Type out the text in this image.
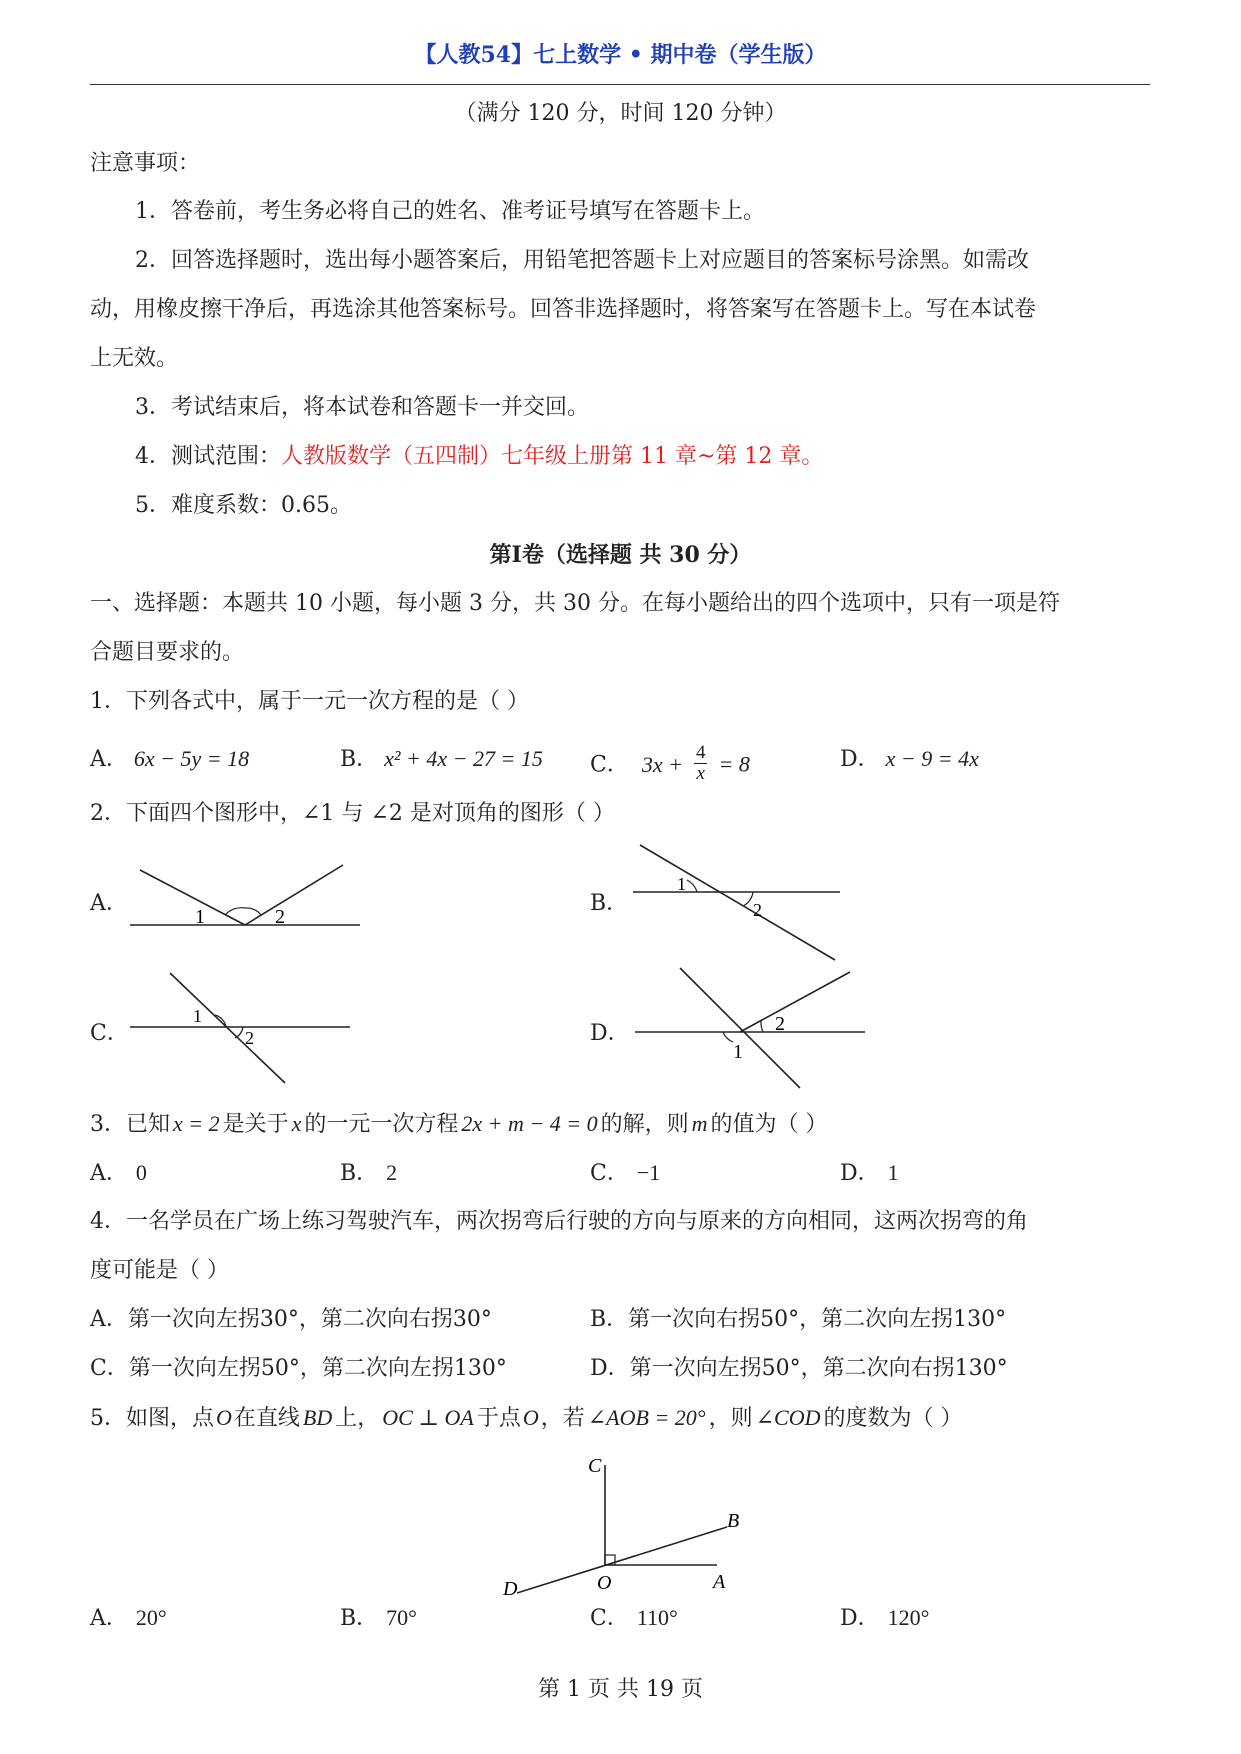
【人教54】七上数学 • 期中卷（学生版）
（满分 120 分，时间 120 分钟）
注意事项：
1．答卷前，考生务必将自己的姓名、准考证号填写在答题卡上。
2．回答选择题时，选出每小题答案后，用铅笔把答题卡上对应题目的答案标号涂黑。如需改
动，用橡皮擦干净后，再选涂其他答案标号。回答非选择题时，将答案写在答题卡上。写在本试卷
上无效。
3．考试结束后，将本试卷和答题卡一并交回。
4．测试范围：人教版数学（五四制）七年级上册第 11 章~第 12 章。
5．难度系数：0.65。
第Ⅰ卷（选择题 共 30 分）
一、选择题：本题共 10 小题，每小题 3 分，共 30 分。在每小题给出的四个选项中，只有一项是符
合题目要求的。
1．下列各式中，属于一元一次方程的是（ ）
A． 6x − 5y = 18	B． x² + 4x − 27 = 15 C． $3x + \frac{4}{x} = 8$	D． x − 9 = 4x
2．下面四个图形中，∠1 与 ∠2 是对顶角的图形（ ）
A．
1	2
B．
1
2
C．
1
2	D．	2
1
3．已知 x = 2 是关于 x 的一元一次方程 2x + m − 4 = 0 的解，则 m 的值为（ ）
A． 0	B． 2	C． −1	D． 1
4．一名学员在广场上练习驾驶汽车，两次拐弯后行驶的方向与原来的方向相同，这两次拐弯的角
度可能是（ ）
A．第一次向左拐30°，第二次向右拐30°	B．第一次向右拐50°，第二次向左拐130°
C．第一次向左拐50°，第二次向左拐130°	D．第一次向左拐50°，第二次向右拐130°
5．如图，点O在直线 BD 上， OC ⊥ OA 于点O，若 ∠AOB = 20° ，则 ∠COD 的度数为（ ）
C
B
D	O	A
A． 20°	B． 70°	C． 110°	D． 120°
第 1 页 共 19 页
